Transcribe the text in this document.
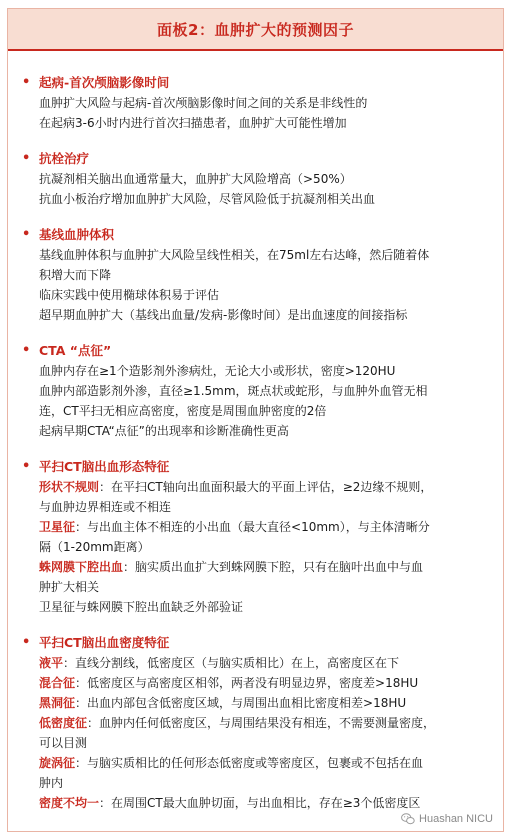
面板2：血肿扩大的预测因子
• 起病-首次颅脑影像时间
血肿扩大风险与起病-首次颅脑影像时间之间的关系是非线性的
在起病3-6小时内进行首次扫描患者，血肿扩大可能性增加
• 抗栓治疗
抗凝剂相关脑出血通常量大，血肿扩大风险增高（>50%）
抗血小板治疗增加血肿扩大风险，尽管风险低于抗凝剂相关出血
• 基线血肿体积
基线血肿体积与血肿扩大风险呈线性相关，在75ml左右达峰，然后随着体
积增大而下降
临床实践中使用椭球体积易于评估
超早期血肿扩大（基线出血量/发病-影像时间）是出血速度的间接指标
• CTA “点征”
血肿内存在≥1个造影剂外渗病灶，无论大小或形状，密度>120HU
血肿内部造影剂外渗，直径≥1.5mm，斑点状或蛇形，与血肿外血管无相
连，CT平扫无相应高密度，密度是周围血肿密度的2倍
起病早期CTA“点征”的出现率和诊断准确性更高
• 平扫CT脑出血形态特征
形状不规则：在平扫CT轴向出血面积最大的平面上评估，≥2边缘不规则，
与血肿边界相连或不相连
卫星征：与出血主体不相连的小出血（最大直径<10mm），与主体清晰分
隔（1-20mm距离）
蛛网膜下腔出血：脑实质出血扩大到蛛网膜下腔，只有在脑叶出血中与血
肿扩大相关
卫星征与蛛网膜下腔出血缺乏外部验证
• 平扫CT脑出血密度特征
液平：直线分割线，低密度区（与脑实质相比）在上，高密度区在下
混合征：低密度区与高密度区相邻，两者没有明显边界，密度差>18HU
黑洞征：出血内部包含低密度区域，与周围出血相比密度相差>18HU
低密度征：血肿内任何低密度区，与周围结果没有相连，不需要测量密度，
可以目测
旋涡征：与脑实质相比的任何形态低密度或等密度区，包裹或不包括在血
肿内
密度不均一：在周围CT最大血肿切面，与出血相比，存在≥3个低密度区
Huashan NICU
